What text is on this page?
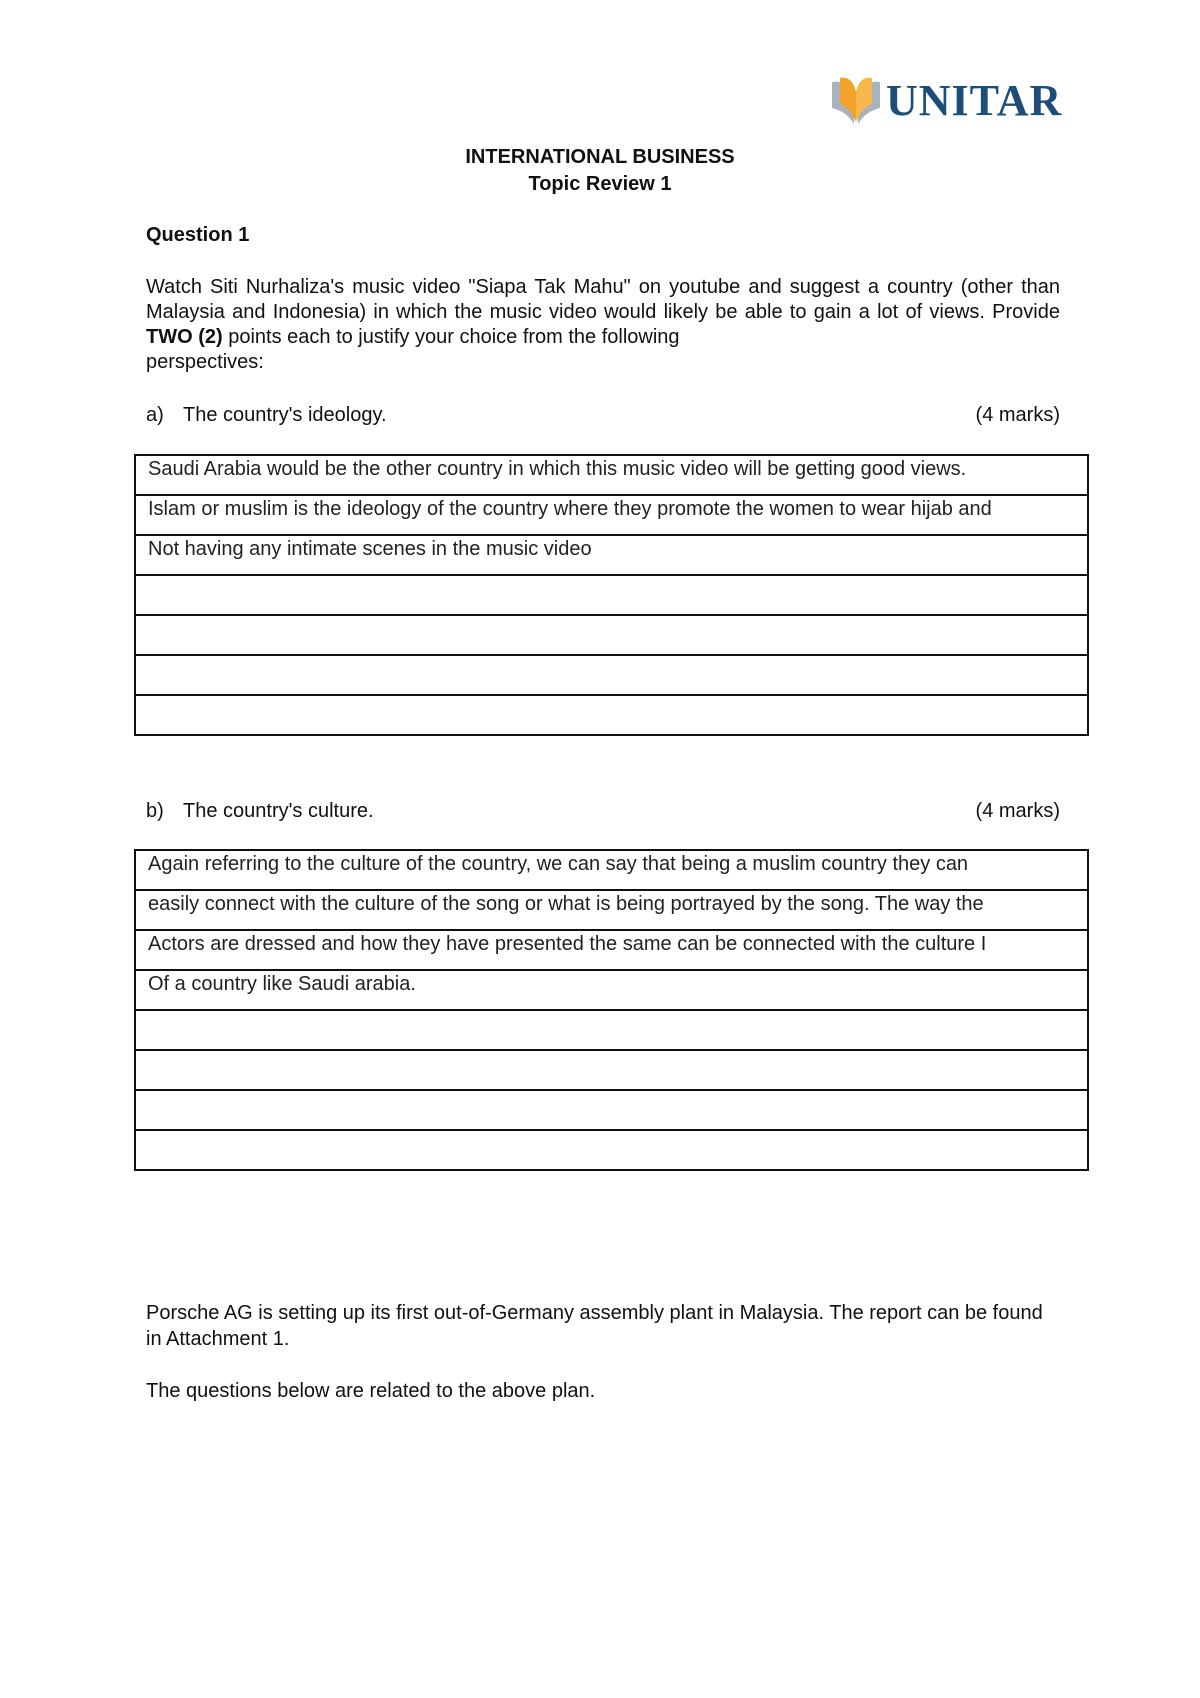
UNITAR
INTERNATIONAL BUSINESS
Topic Review 1
Question 1
Watch Siti Nurhaliza's music video "Siapa Tak Mahu" on youtube and suggest a country (other than Malaysia and Indonesia) in which the music video would likely be able to gain a lot of views. Provide TWO (2) points each to justify your choice from the following
perspectives:
a) The country's ideology.	(4 marks)
Saudi Arabia would be the other country in which this music video will be getting good views.
Islam or muslim is the ideology of the country where they promote the women to wear hijab and
Not having any intimate scenes in the music video

b) The country's culture.	(4 marks)
Again referring to the culture of the country, we can say that being a muslim country they can
easily connect with the culture of the song or what is being portrayed by the song. The way the
Actors are dressed and how they have presented the same can be connected with the culture I
Of a country like Saudi arabia.

Porsche AG is setting up its first out-of-Germany assembly plant in Malaysia. The report can be found in Attachment 1.
The questions below are related to the above plan.
